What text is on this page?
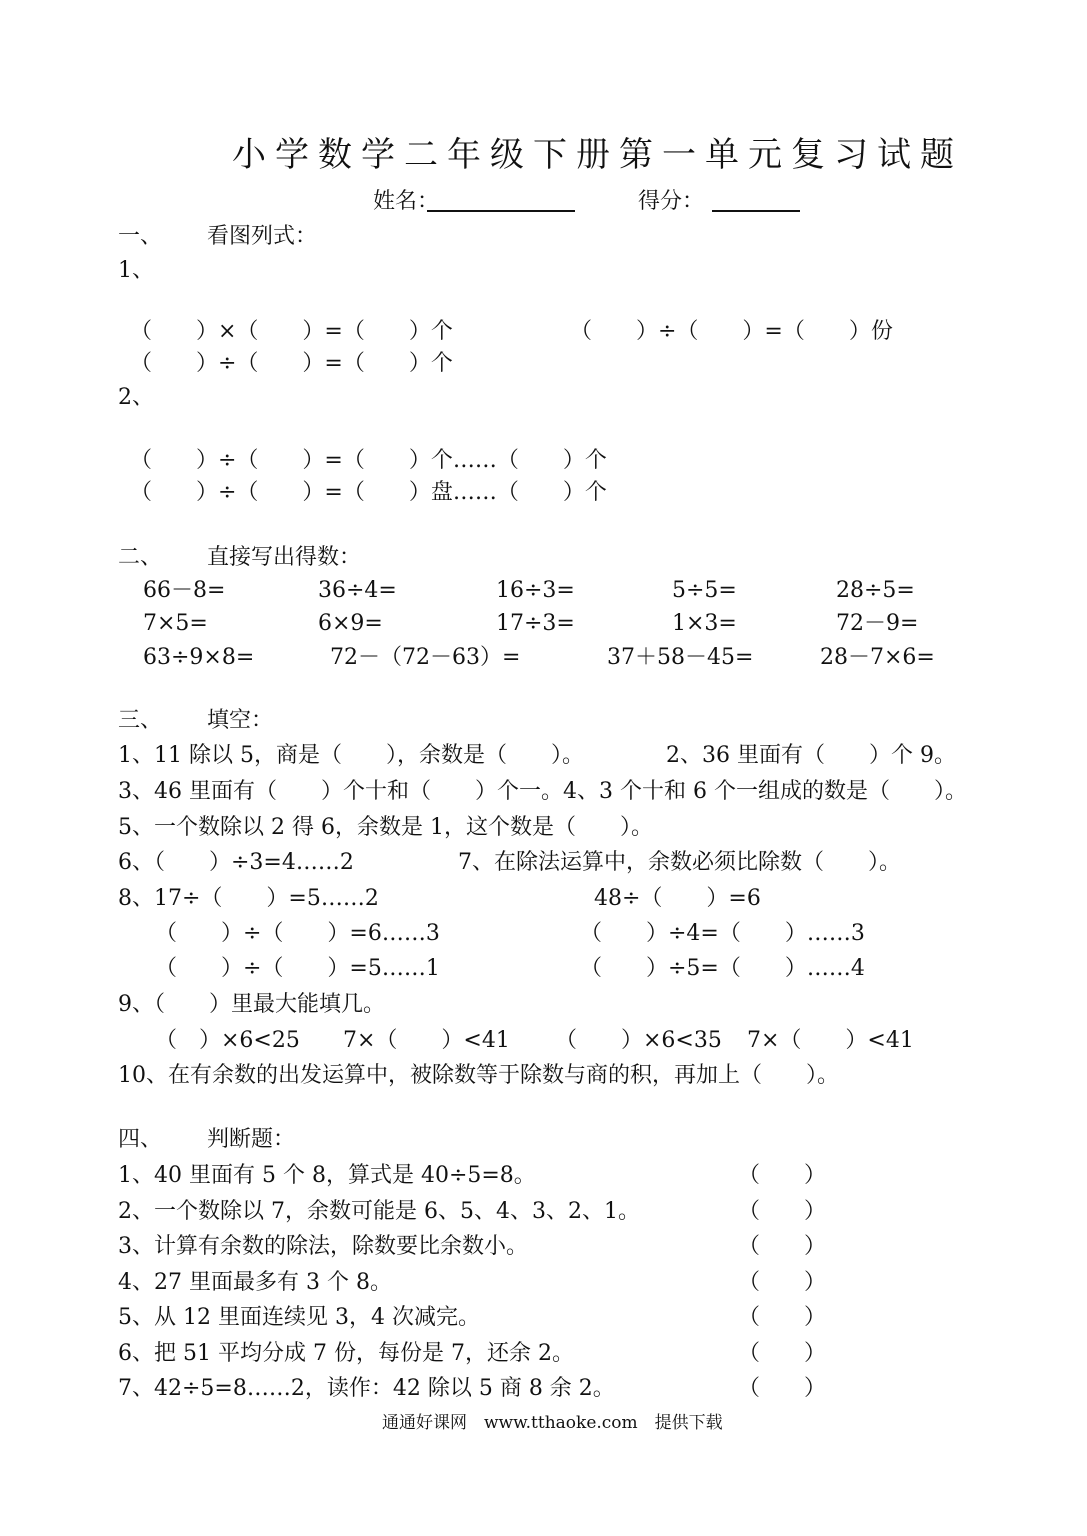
小学数学二年级下册第一单元复习试题
姓名：	得分：
一、 看图列式：
1、
（　　）×（　　）=（　　）个	（　　）÷（　　）=（　　）份
（　　）÷（　　）=（　　）个
2、
（　　）÷（　　）=（　　）个……（　　）个
（　　）÷（　　）=（　　）盘……（　　）个
二、 直接写出得数：
66－8=	36÷4=	16÷3=	5÷5=	28÷5=
7×5=	6×9=	17÷3=	1×3=	72－9=
63÷9×8=	72－（72－63）=	37＋58－45=	28－7×6=
三、 填空：
1、11 除以 5，商是（　　），余数是（　　）。	2、36 里面有（　　）个 9。
3、46 里面有（　　）个十和（　　）个一。4、3 个十和 6 个一组成的数是（　　）。
5、一个数除以 2 得 6，余数是 1，这个数是（　　）。
6、（　　）÷3=4……2	7、在除法运算中，余数必须比除数（　　）。
8、17÷（　　）=5……2	48÷（　　）=6
（　　）÷（　　）=6……3	（　　）÷4=（　　）……3
（　　）÷（　　）=5……1	（　　）÷5=（　　）……4
9、（　　）里最大能填几。
（　）×6<25 7×（　　）<41 （　　）×6<35 7×（　　）<41
10、在有余数的出发运算中，被除数等于除数与商的积，再加上（　　）。
四、 判断题：
1、40 里面有 5 个 8，算式是 40÷5=8。	（　　）
2、一个数除以 7，余数可能是 6、5、4、3、2、1。	（　　）
3、计算有余数的除法，除数要比余数小。	（　　）
4、27 里面最多有 3 个 8。	（　　）
5、从 12 里面连续见 3，4 次减完。	（　　）
6、把 51 平均分成 7 份，每份是 7，还余 2。	（　　）
7、42÷5=8……2，读作：42 除以 5 商 8 余 2。	（　　）
通通好课网　www.tthaoke.com　提供下载
